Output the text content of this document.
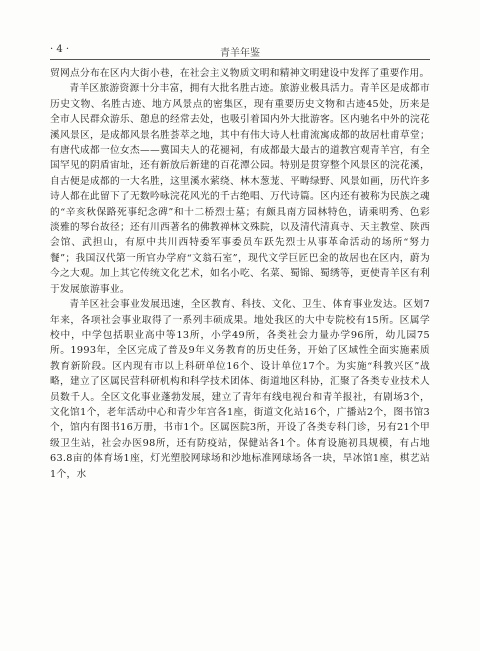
· 4 ·	青羊年鉴

贸网点分布在区内大街小巷，在社会主义物质文明和精神文明建设中发挥了重要作用。

青羊区旅游资源十分丰富，拥有大批名胜古迹。旅游业极具活力。青羊区是成都市历史文物、名胜古迹、地方风景点的密集区，现有重要历史文物和古迹45处，历来是全市人民群众游乐、憩息的经常去处，也吸引着国内外大批游客。区内驰名中外的浣花溪风景区，是成都风景名胜荟萃之地，其中有伟大诗人杜甫流寓成都的故居杜甫草堂；有唐代成都一位女杰——冀国夫人的花褪祠，有成都最大最古的道教宫观青羊宫，有全国罕见的阴盾宙址，还有新放后新建的百花潭公园。特别是贯穿整个风景区的浣花溪，自古便是成都的一大名胜，这里溪水萦绕、林木葱茏、平畴绿野、风景如画，历代许多诗人都在此留下了无数吟咏浣花风光的千古绝唱、万代诗篇。区内还有被称为民族之魂的“辛亥秋保路死事纪念碑”和十二桥烈士墓；有颇具南方园林特色，请乘明秀、色彩淡雅的琴台故径；还有川西著名的佛教禅林文殊院，以及清代清真寺、天主教堂、陕西会馆、武担山，有原中共川西特委军事委员车跃先烈士从事革命活动的场所“努力餐”；我国汉代第一所官办学府“文翁石室”，现代文学巨匠巴金的故居也在区内，蔚为今之大观。加上其它传统文化艺术，如名小吃、名菜、蜀锦、蜀绣等，更使青羊区有利于发展旅游事业。

青羊区社会事业发展迅速，全区教育、科技、文化、卫生、体育事业发达。区划7年来，各项社会事业取得了一系列丰硕成果。地处我区的大中专院校有15所。区属学校中，中学包括职业高中等13所，小学49所，各类社会力量办学96所，幼儿园75所。1993年，全区完成了普及9年义务教育的历史任务，开始了区域性全面实施素质教育新阶段。区内现有市以上科研单位16个、设计单位17个。为实施“科教兴区”战略，建立了区属民营科研机构和科学技术团体、街道地区科协，汇聚了各类专业技术人员数千人。全区文化事业蓬勃发展，建立了青年有线电视台和青羊报社，有剧场3个，文化馆1个，老年活动中心和青少年宫各1座，街道文化站16个，广播站2个，图书馆3个，馆内有图书16万册，书市1个。区属医院3所，开设了各类专科门诊，另有21个甲级卫生站，社会办医98所，还有防疫站，保健站各1个。体育设施初具规模，有占地63.8亩的体育场1座，灯光塑胶网球场和沙地标准网球场各一块，旱冰馆1座，棋艺站1个，水
